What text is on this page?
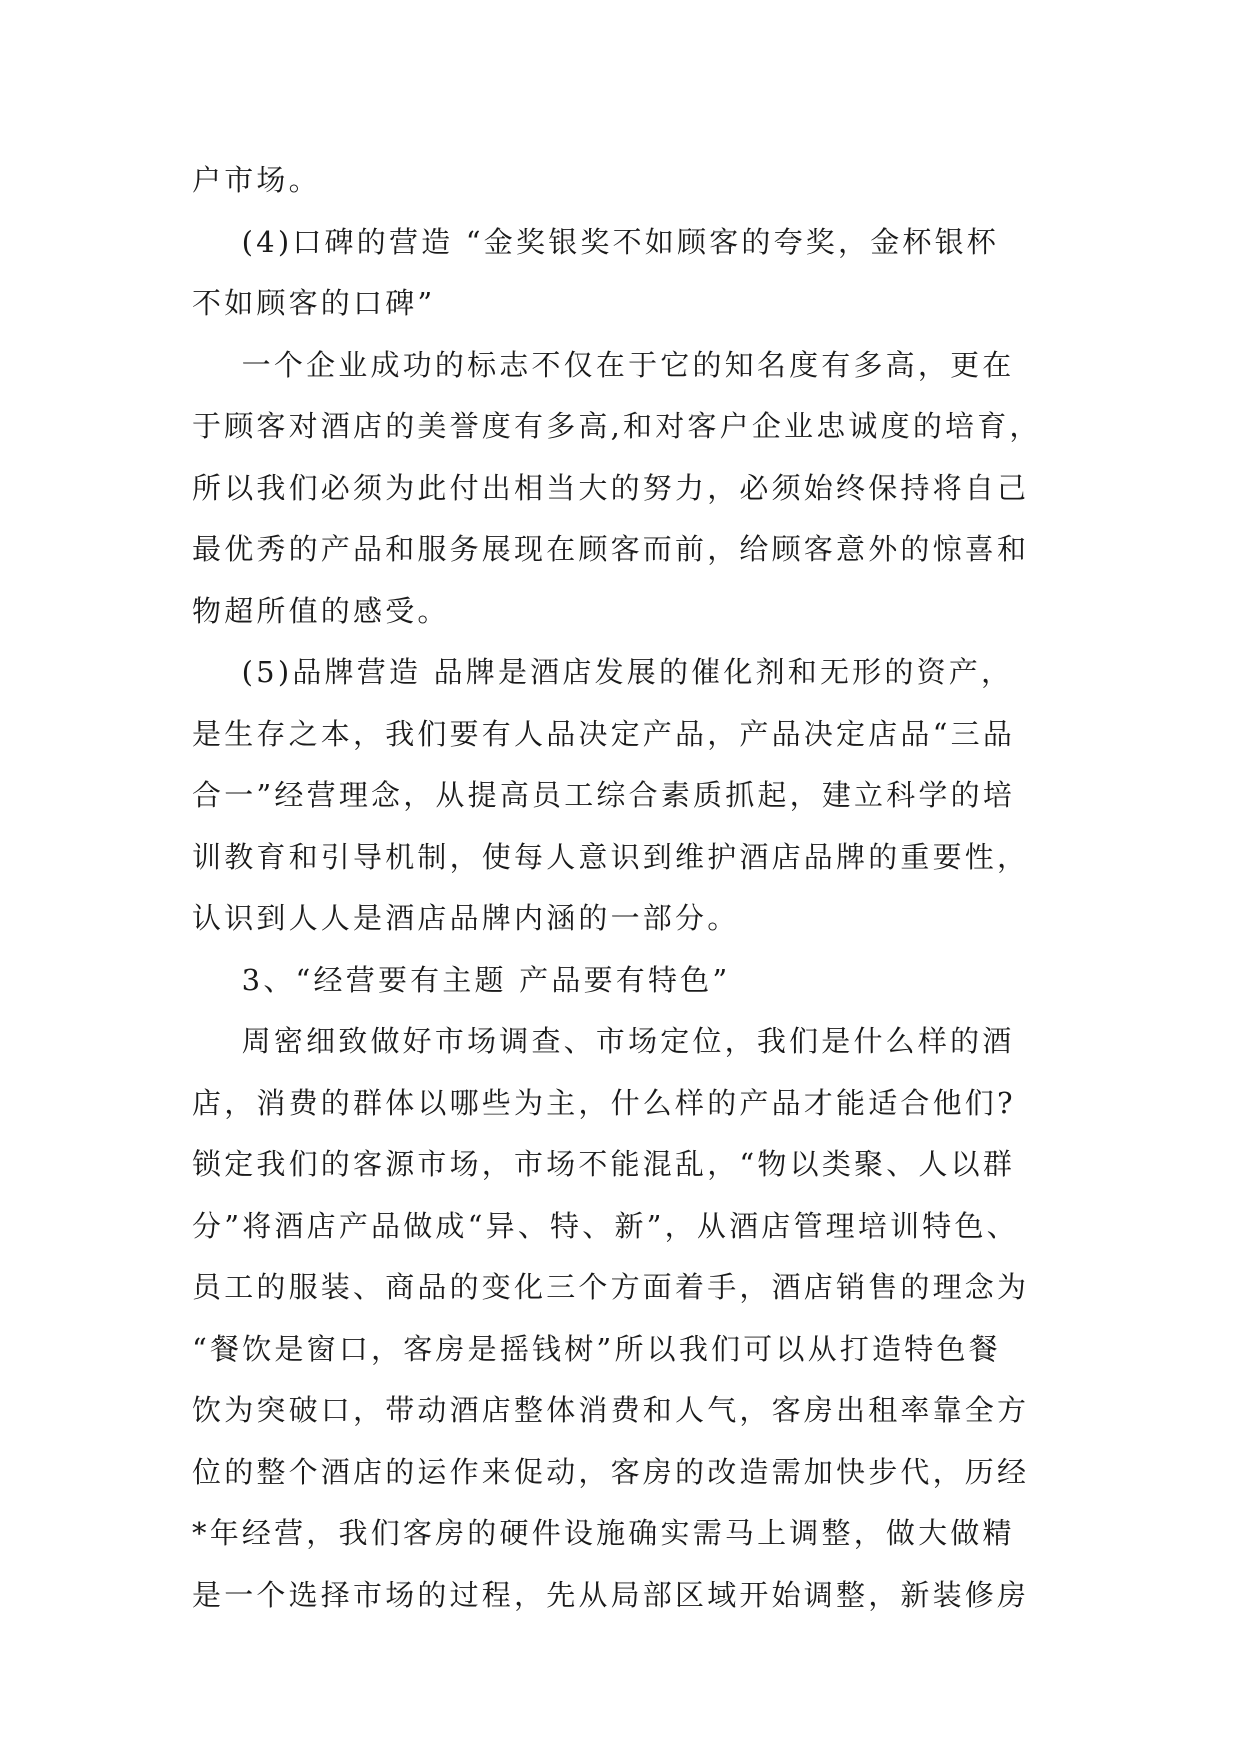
户市场。
(4)口碑的营造 “金奖银奖不如顾客的夸奖，金杯银杯
不如顾客的口碑”
一个企业成功的标志不仅在于它的知名度有多高，更在
于顾客对酒店的美誉度有多高,和对客户企业忠诚度的培育，
所以我们必须为此付出相当大的努力，必须始终保持将自己
最优秀的产品和服务展现在顾客而前，给顾客意外的惊喜和
物超所值的感受。
(5)品牌营造 品牌是酒店发展的催化剂和无形的资产，
是生存之本，我们要有人品决定产品，产品决定店品“三品
合一”经营理念，从提高员工综合素质抓起，建立科学的培
训教育和引导机制，使每人意识到维护酒店品牌的重要性，
认识到人人是酒店品牌内涵的一部分。
3、“经营要有主题 产品要有特色”
周密细致做好市场调查、市场定位，我们是什么样的酒
店，消费的群体以哪些为主，什么样的产品才能适合他们?
锁定我们的客源市场，市场不能混乱，“物以类聚、人以群
分”将酒店产品做成“异、特、新”，从酒店管理培训特色、
员工的服装、商品的变化三个方面着手，酒店销售的理念为
“餐饮是窗口，客房是摇钱树”所以我们可以从打造特色餐
饮为突破口，带动酒店整体消费和人气，客房出租率靠全方
位的整个酒店的运作来促动，客房的改造需加快步代，历经
*年经营，我们客房的硬件设施确实需马上调整，做大做精
是一个选择市场的过程，先从局部区域开始调整，新装修房
